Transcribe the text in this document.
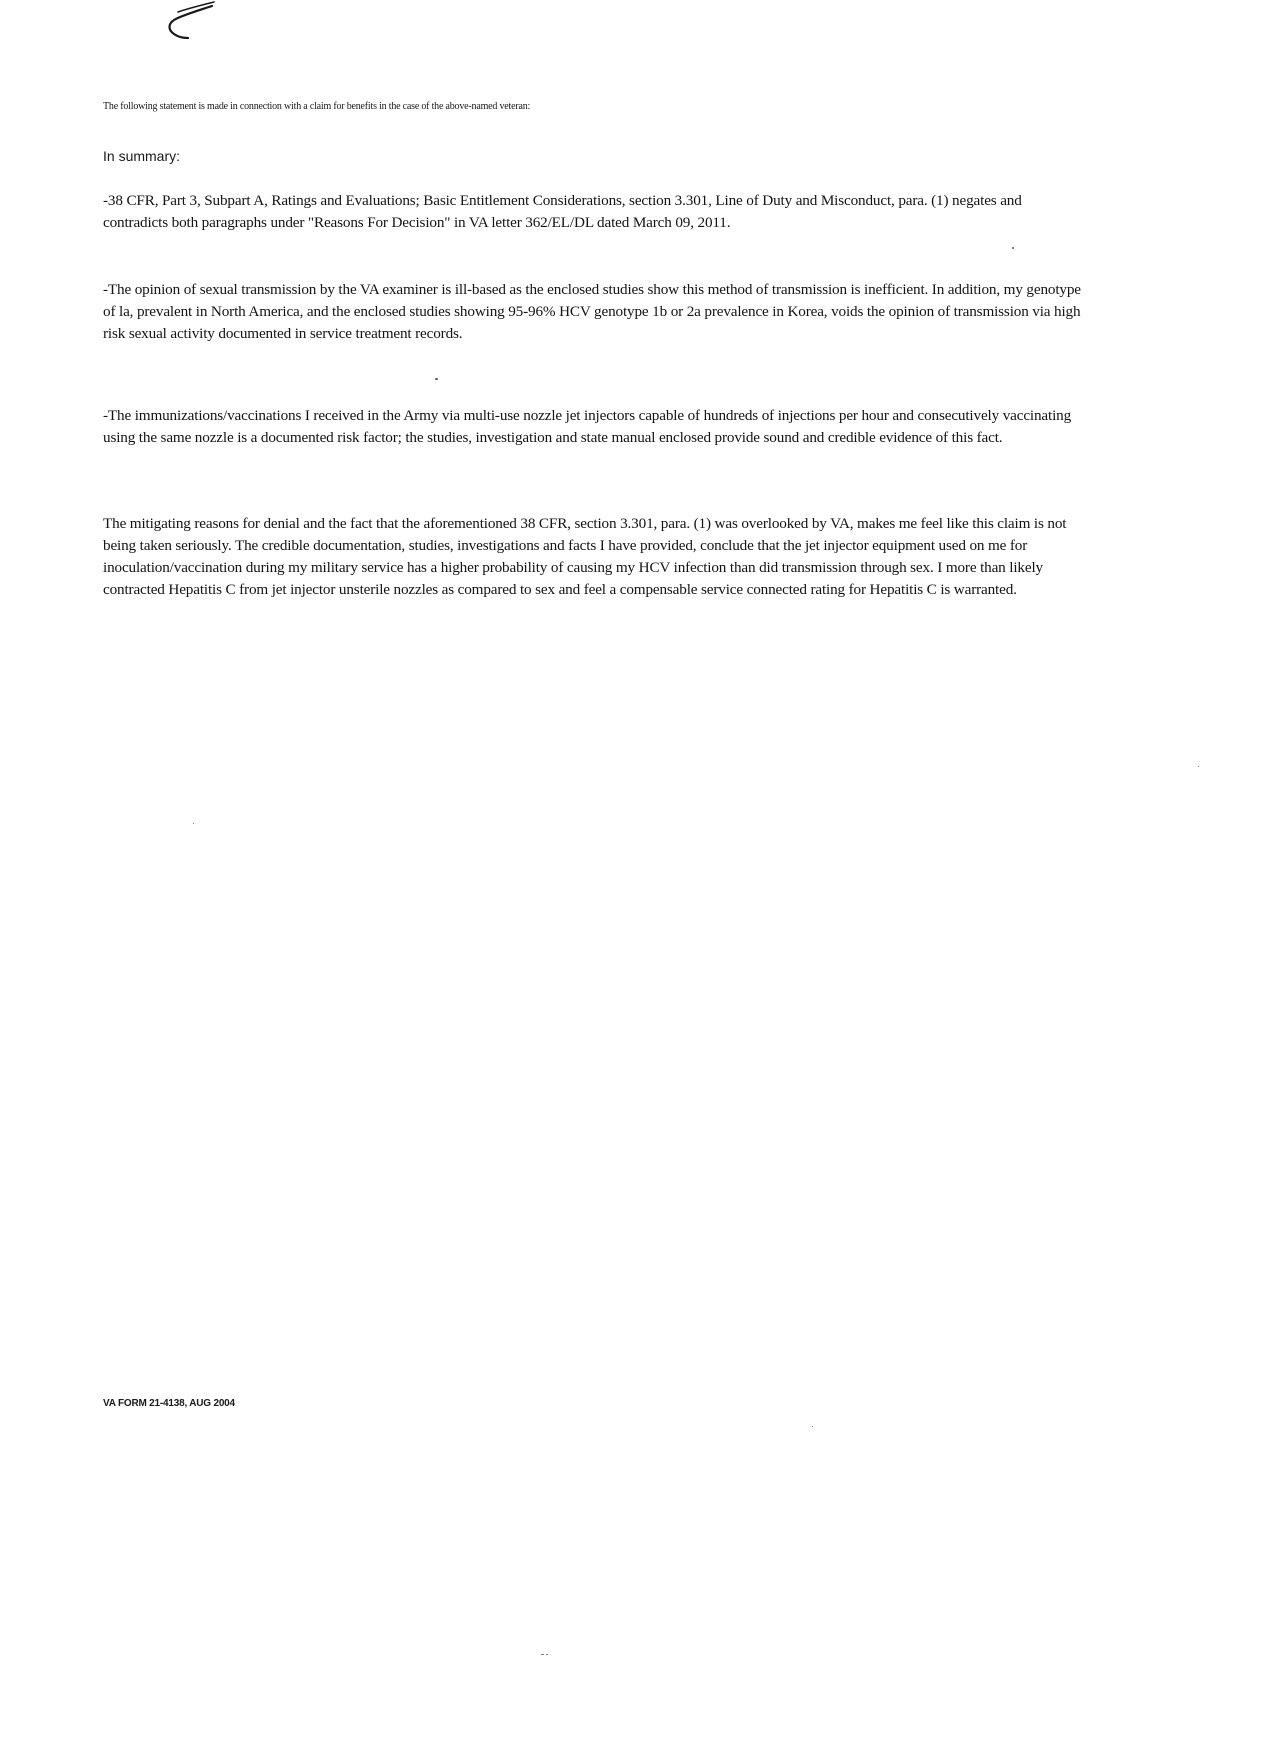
The following statement is made in connection with a claim for benefits in the case of the above-named veteran:
In summary:

-38 CFR, Part 3, Subpart A, Ratings and Evaluations; Basic Entitlement Considerations, section 3.301, Line of Duty and Misconduct, para. (1) negates and contradicts both paragraphs under "Reasons For Decision" in VA letter 362/EL/DL dated March 09, 2011.

-The opinion of sexual transmission by the VA examiner is ill-based as the enclosed studies show this method of transmission is inefficient. In addition, my genotype of la, prevalent in North America, and the enclosed studies showing 95-96% HCV genotype 1b or 2a prevalence in Korea, voids the opinion of transmission via high risk sexual activity documented in service treatment records.

-The immunizations/vaccinations I received in the Army via multi-use nozzle jet injectors capable of hundreds of injections per hour and consecutively vaccinating using the same nozzle is a documented risk factor; the studies, investigation and state manual enclosed provide sound and credible evidence of this fact.

The mitigating reasons for denial and the fact that the aforementioned 38 CFR, section 3.301, para. (1) was overlooked by VA, makes me feel like this claim is not being taken seriously. The credible documentation, studies, investigations and facts I have provided, conclude that the jet injector equipment used on me for inoculation/vaccination during my military service has a higher probability of causing my HCV infection than did transmission through sex. I more than likely contracted Hepatitis C from jet injector unsterile nozzles as compared to sex and feel a compensable service connected rating for Hepatitis C is warranted.

VA FORM 21-4138, AUG 2004
